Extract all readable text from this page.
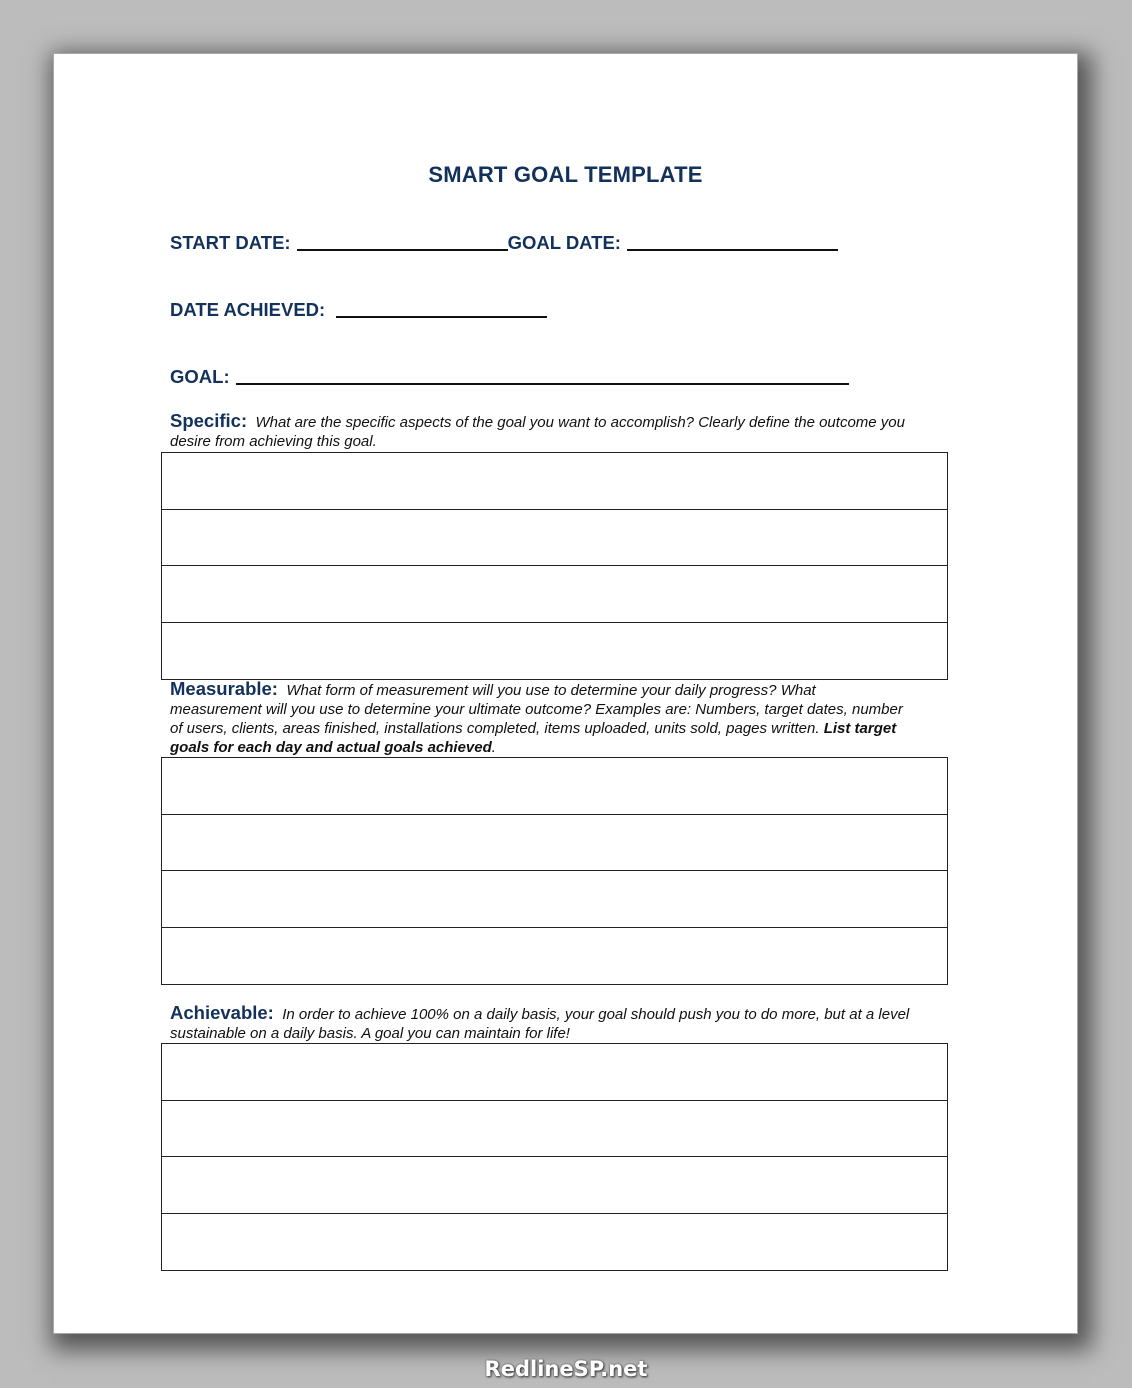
SMART GOAL TEMPLATE
START DATE:	GOAL DATE:
DATE ACHIEVED:
GOAL:
Specific: What are the specific aspects of the goal you want to accomplish? Clearly define the outcome you desire from achieving this goal.
Measurable: What form of measurement will you use to determine your daily progress? What measurement will you use to determine your ultimate outcome? Examples are: Numbers, target dates, number of users, clients, areas finished, installations completed, items uploaded, units sold, pages written. List target goals for each day and actual goals achieved.
Achievable: In order to achieve 100% on a daily basis, your goal should push you to do more, but at a level sustainable on a daily basis. A goal you can maintain for life!
RedlineSP.net
